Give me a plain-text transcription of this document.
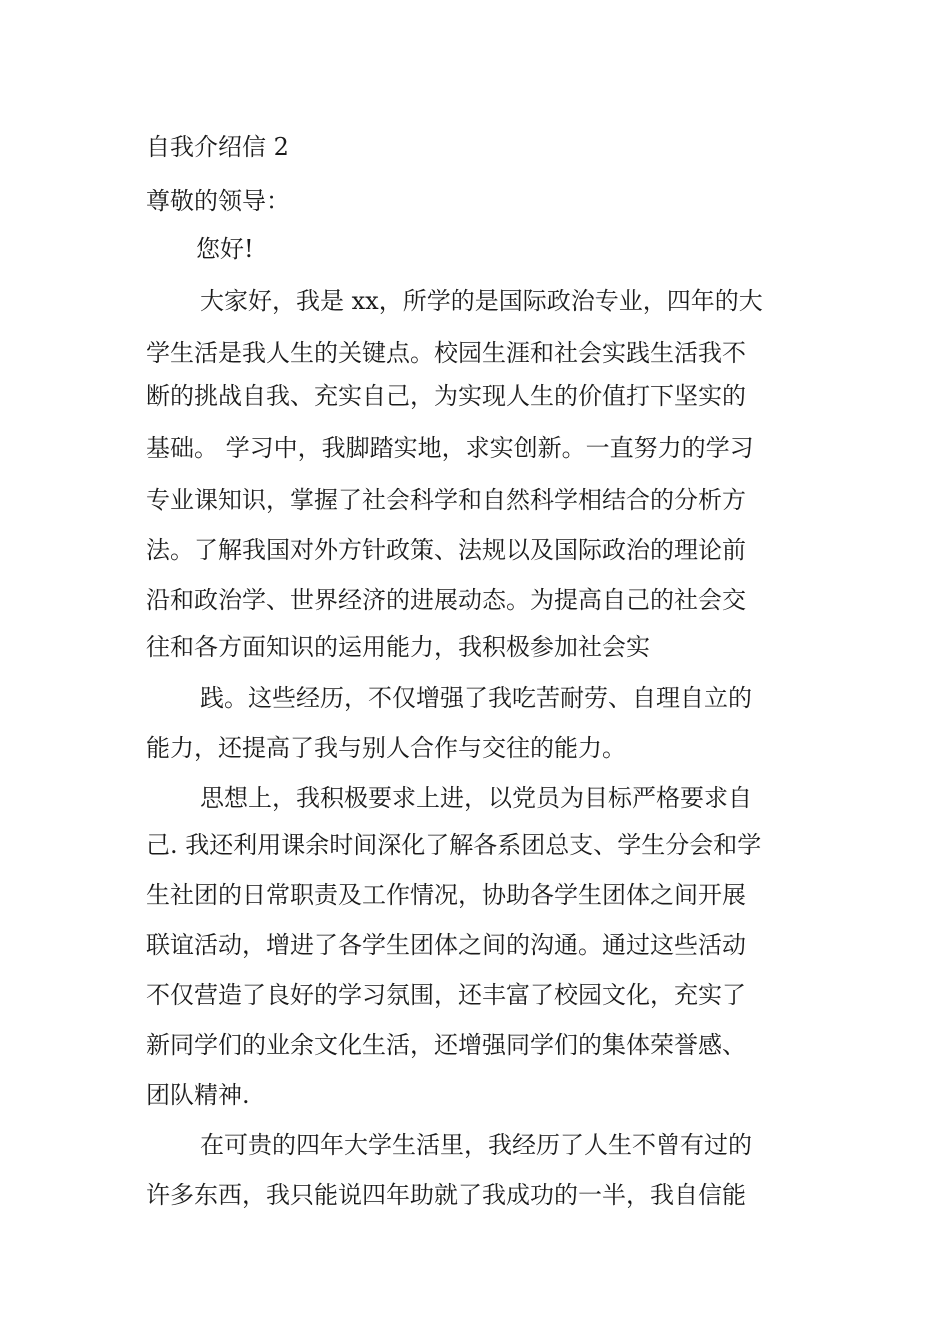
自我介绍信 2
尊敬的领导：
您好!
大家好，我是 xx，所学的是国际政治专业，四年的大
学生活是我人生的关键点。校园生涯和社会实践生活我不
断的挑战自我、充实自己，为实现人生的价值打下坚实的
基础。 学习中，我脚踏实地，求实创新。一直努力的学习
专业课知识，掌握了社会科学和自然科学相结合的分析方
法。了解我国对外方针政策、法规以及国际政治的理论前
沿和政治学、世界经济的进展动态。为提高自己的社会交
往和各方面知识的运用能力，我积极参加社会实
践。这些经历，不仅增强了我吃苦耐劳、自理自立的
能力，还提高了我与别人合作与交往的能力。
思想上，我积极要求上进，以党员为目标严格要求自
己. 我还利用课余时间深化了解各系团总支、学生分会和学
生社团的日常职责及工作情况，协助各学生团体之间开展
联谊活动，增进了各学生团体之间的沟通。通过这些活动
不仅营造了良好的学习氛围，还丰富了校园文化，充实了
新同学们的业余文化生活，还增强同学们的集体荣誉感、
团队精神.
在可贵的四年大学生活里，我经历了人生不曾有过的
许多东西，我只能说四年助就了我成功的一半，我自信能
